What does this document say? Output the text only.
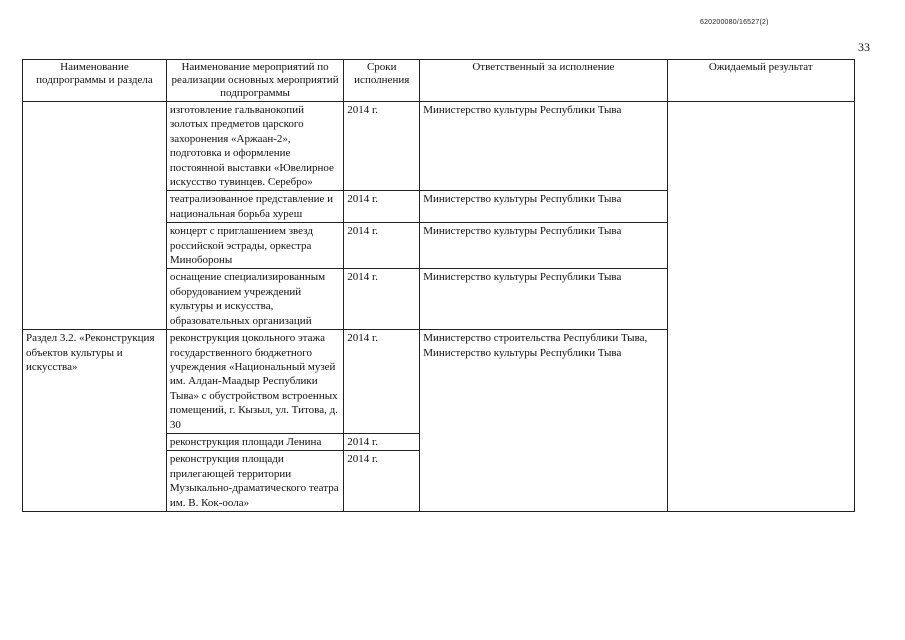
620200080/16527(2)
33
Наименование подпрограммы и раздела	Наименование мероприятий по реализации основных мероприятий подпрограммы	Сроки исполнения	Ответственный за исполнение	Ожидаемый результат
	изготовление гальванокопий золотых предметов царского захоронения «Аржаан-2», подготовка и оформление постоянной выставки «Ювелирное искусство тувинцев. Серебро»	2014 г.	Министерство культуры Республики Тыва	
	театрализованное представление и национальная борьба хуреш	2014 г.	Министерство культуры Республики Тыва	
	концерт с приглашением звезд российской эстрады, оркестра Минобороны	2014 г.	Министерство культуры Республики Тыва	
	оснащение специализированным оборудованием учреждений культуры и искусства, образовательных организаций	2014 г.	Министерство культуры Республики Тыва	
Раздел 3.2. «Реконструкция объектов культуры и искусства»	реконструкция цокольного этажа государственного бюджетного учреждения «Национальный музей им. Алдан-Маадыр Республики Тыва» с обустройством встроенных помещений, г. Кызыл, ул. Титова, д. 30	2014 г.	Министерство строительства Республики Тыва, Министерство культуры Республики Тыва	
	реконструкция площади Ленина	2014 г.		
	реконструкция площади прилегающей территории Музыкально-драматического театра им. В. Кок-оола»	2014 г.		
